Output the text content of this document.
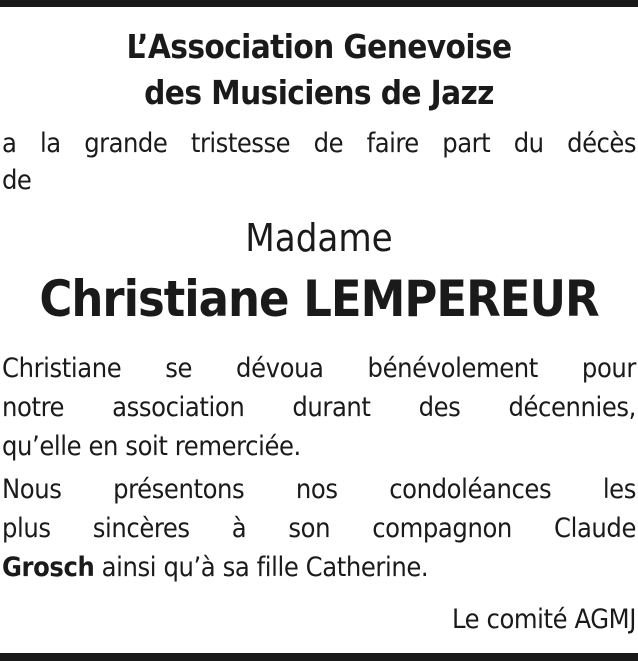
L’Association Genevoise
des Musiciens de Jazz
a la grande tristesse de faire part du décès
de
Madame
Christiane LEMPEREUR
Christiane se dévoua bénévolement pour
notre association durant des décennies,
qu’elle en soit remerciée.
Nous présentons nos condoléances les
plus sincères à son compagnon Claude
Grosch ainsi qu’à sa fille Catherine.
Le comité AGMJ
